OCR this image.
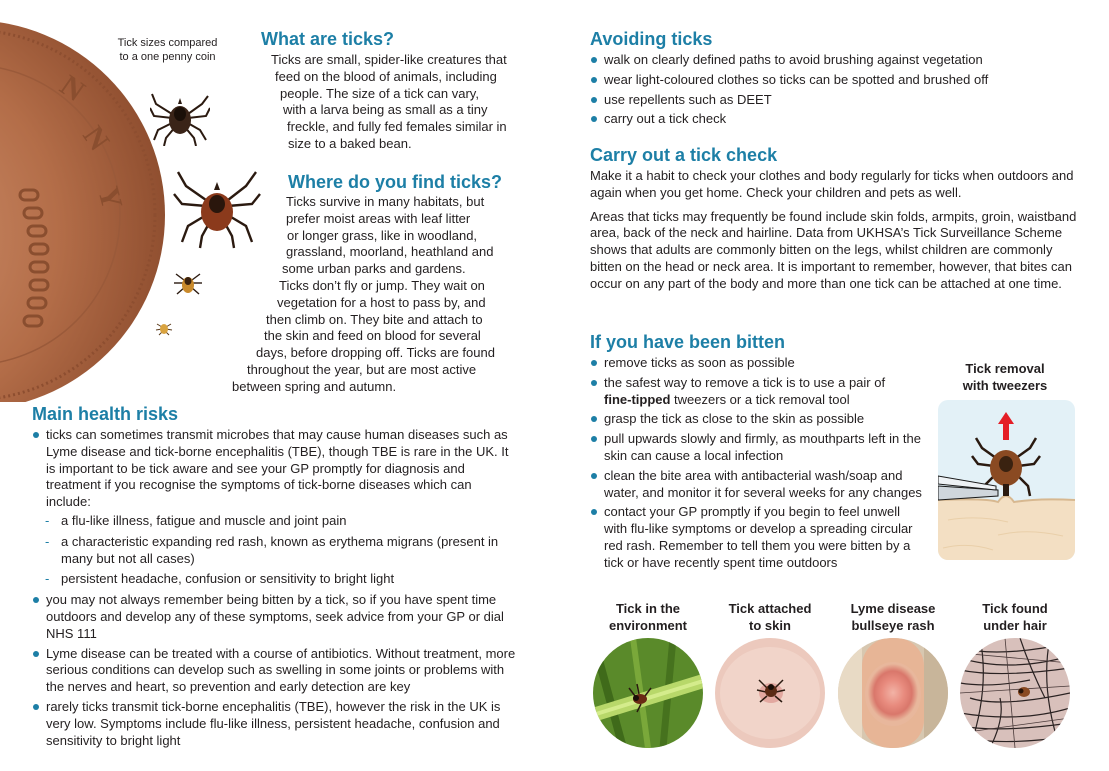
N
N
Y
Tick sizes compared
to a one penny coin
What are ticks?
Ticks are small, spider-like creatures that
feed on the blood of animals, including
people. The size of a tick can vary,
with a larva being as small as a tiny
freckle, and fully fed females similar in
size to a baked bean.
Where do you find ticks?
Ticks survive in many habitats, but
prefer moist areas with leaf litter
or longer grass, like in woodland,
grassland, moorland, heathland and
some urban parks and gardens.
Ticks don’t fly or jump. They wait on
vegetation for a host to pass by, and
then climb on. They bite and attach to
the skin and feed on blood for several
days, before dropping off. Ticks are found
throughout the year, but are most active
between spring and autumn.
Main health risks
ticks can sometimes transmit microbes that may cause human diseases such as Lyme disease and tick-borne encephalitis (TBE), though TBE is rare in the UK. It is important to be tick aware and see your GP promptly for diagnosis and treatment if you recognise the symptoms of tick-borne diseases which can include:
- a flu-like illness, fatigue and muscle and joint pain
- a characteristic expanding red rash, known as erythema migrans (present in many but not all cases)
- persistent headache, confusion or sensitivity to bright light
you may not always remember being bitten by a tick, so if you have spent time outdoors and develop any of these symptoms, seek advice from your GP or dial NHS 111
Lyme disease can be treated with a course of antibiotics. Without treatment, more serious conditions can develop such as swelling in some joints or problems with the nerves and heart, so prevention and early detection are key
rarely ticks transmit tick-borne encephalitis (TBE), however the risk in the UK is very low. Symptoms include flu-like illness, persistent headache, confusion and sensitivity to bright light
Avoiding ticks
walk on clearly defined paths to avoid brushing against vegetation
wear light-coloured clothes so ticks can be spotted and brushed off
use repellents such as DEET
carry out a tick check
Carry out a tick check

Make it a habit to check your clothes and body regularly for ticks when outdoors and again when you get home. Check your children and pets as well.

Areas that ticks may frequently be found include skin folds, armpits, groin, waistband area, back of the neck and hairline. Data from UKHSA’s Tick Surveillance Scheme shows that adults are commonly bitten on the legs, whilst children are commonly bitten on the head or neck area. It is important to remember, however, that bites can occur on any part of the body and more than one tick can be attached at one time.

If you have been bitten
remove ticks as soon as possible
the safest way to remove a tick is to use a pair of
fine-tipped tweezers or a tick removal tool
grasp the tick as close to the skin as possible
pull upwards slowly and firmly, as mouthparts left in the skin can cause a local infection
clean the bite area with antibacterial wash/soap and water, and monitor it for several weeks for any changes
contact your GP promptly if you begin to feel unwell with flu-like symptoms or develop a spreading circular red rash. Remember to tell them you were bitten by a tick or have recently spent time outdoors
Tick removal
with tweezers
Tick in the
environment
Tick attached
to skin
Lyme disease
bullseye rash
Tick found
under hair
